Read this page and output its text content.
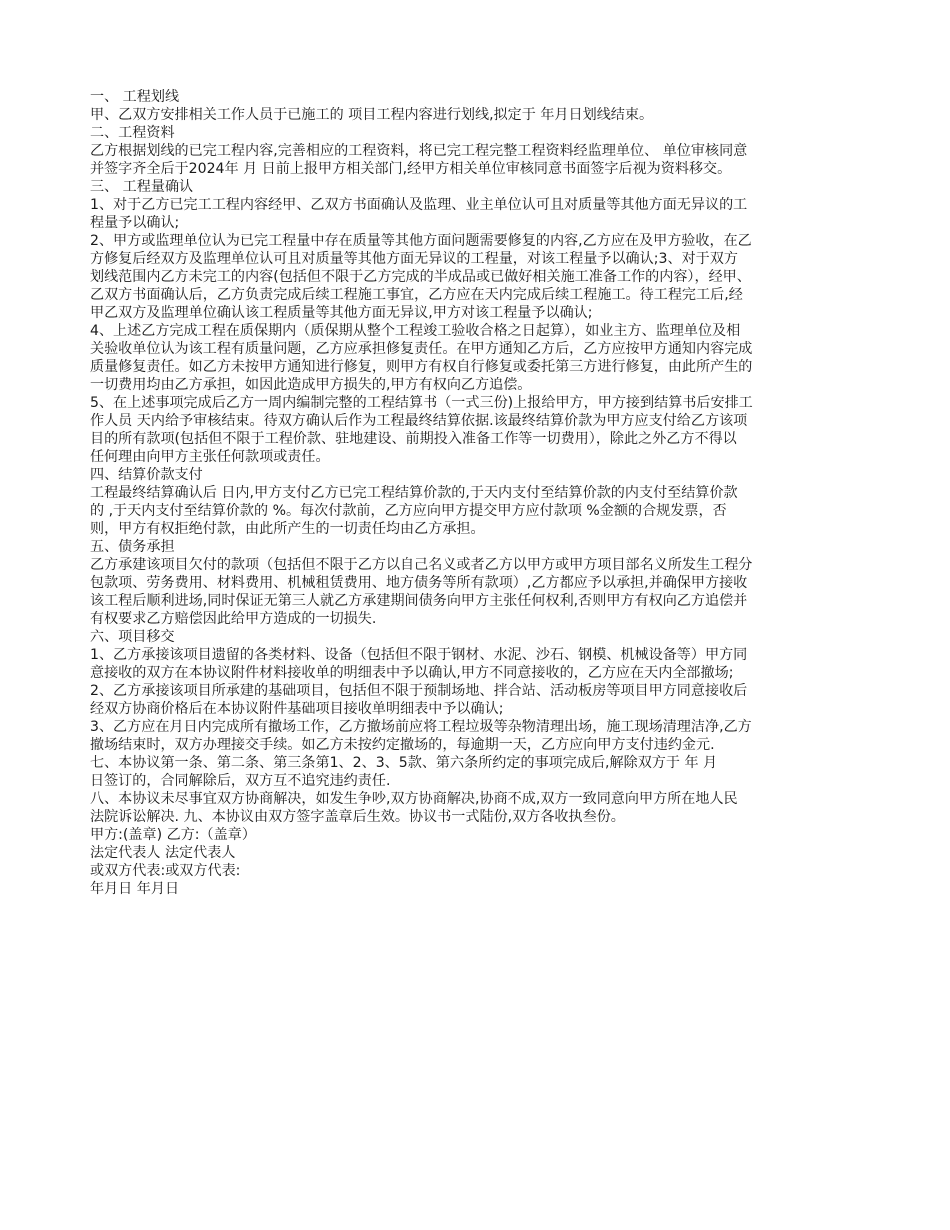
一、 工程划线
甲、乙双方安排相关工作人员于已施工的 项目工程内容进行划线,拟定于 年月日划线结束。
二、工程资料
乙方根据划线的已完工程内容,完善相应的工程资料，将已完工程完整工程资料经监理单位、 单位审核同意
并签字齐全后于2024年 月 日前上报甲方相关部门,经甲方相关单位审核同意书面签字后视为资料移交。
三、 工程量确认
1、对于乙方已完工工程内容经甲、乙双方书面确认及监理、业主单位认可且对质量等其他方面无异议的工
程量予以确认;
2、甲方或监理单位认为已完工程量中存在质量等其他方面问题需要修复的内容,乙方应在及甲方验收，在乙
方修复后经双方及监理单位认可且对质量等其他方面无异议的工程量，对该工程量予以确认;3、对于双方
划线范围内乙方未完工的内容(包括但不限于乙方完成的半成品或已做好相关施工准备工作的内容），经甲、
乙双方书面确认后，乙方负责完成后续工程施工事宜，乙方应在天内完成后续工程施工。待工程完工后,经
甲乙双方及监理单位确认该工程质量等其他方面无异议,甲方对该工程量予以确认;
4、上述乙方完成工程在质保期内（质保期从整个工程竣工验收合格之日起算），如业主方、监理单位及相
关验收单位认为该工程有质量问题，乙方应承担修复责任。在甲方通知乙方后，乙方应按甲方通知内容完成
质量修复责任。如乙方未按甲方通知进行修复，则甲方有权自行修复或委托第三方进行修复，由此所产生的
一切费用均由乙方承担，如因此造成甲方损失的,甲方有权向乙方追偿。
5、在上述事项完成后乙方一周内编制完整的工程结算书（一式三份)上报给甲方，甲方接到结算书后安排工
作人员 天内给予审核结束。待双方确认后作为工程最终结算依据.该最终结算价款为甲方应支付给乙方该项
目的所有款项(包括但不限于工程价款、驻地建设、前期投入准备工作等一切费用），除此之外乙方不得以
任何理由向甲方主张任何款项或责任。
四、结算价款支付
工程最终结算确认后 日内,甲方支付乙方已完工程结算价款的,于天内支付至结算价款的内支付至结算价款
的 ,于天内支付至结算价款的 %。每次付款前，乙方应向甲方提交甲方应付款项 %金额的合规发票，否
则，甲方有权拒绝付款，由此所产生的一切责任均由乙方承担。
五、债务承担
乙方承建该项目欠付的款项（包括但不限于乙方以自己名义或者乙方以甲方或甲方项目部名义所发生工程分
包款项、劳务费用、材料费用、机械租赁费用、地方债务等所有款项）,乙方都应予以承担,并确保甲方接收
该工程后顺利进场,同时保证无第三人就乙方承建期间债务向甲方主张任何权利,否则甲方有权向乙方追偿并
有权要求乙方赔偿因此给甲方造成的一切损失.
六、项目移交
1、乙方承接该项目遗留的各类材料、设备（包括但不限于钢材、水泥、沙石、钢模、机械设备等）甲方同
意接收的双方在本协议附件材料接收单的明细表中予以确认,甲方不同意接收的，乙方应在天内全部撤场;
2、乙方承接该项目所承建的基础项目，包括但不限于预制场地、拌合站、活动板房等项目甲方同意接收后
经双方协商价格后在本协议附件基础项目接收单明细表中予以确认;
3、乙方应在月日内完成所有撤场工作，乙方撤场前应将工程垃圾等杂物清理出场，施工现场清理洁净,乙方
撤场结束时，双方办理接交手续。如乙方未按约定撤场的，每逾期一天，乙方应向甲方支付违约金元.
七、本协议第一条、第二条、第三条第1、2、3、5款、第六条所约定的事项完成后,解除双方于 年 月
日签订的，合同解除后，双方互不追究违约责任.
八、本协议未尽事宜双方协商解决，如发生争吵,双方协商解决,协商不成,双方一致同意向甲方所在地人民
法院诉讼解决. 九、本协议由双方签字盖章后生效。协议书一式陆份,双方各收执叁份。
甲方:(盖章) 乙方:（盖章）
法定代表人 法定代表人
或双方代表:或双方代表:
年月日 年月日
